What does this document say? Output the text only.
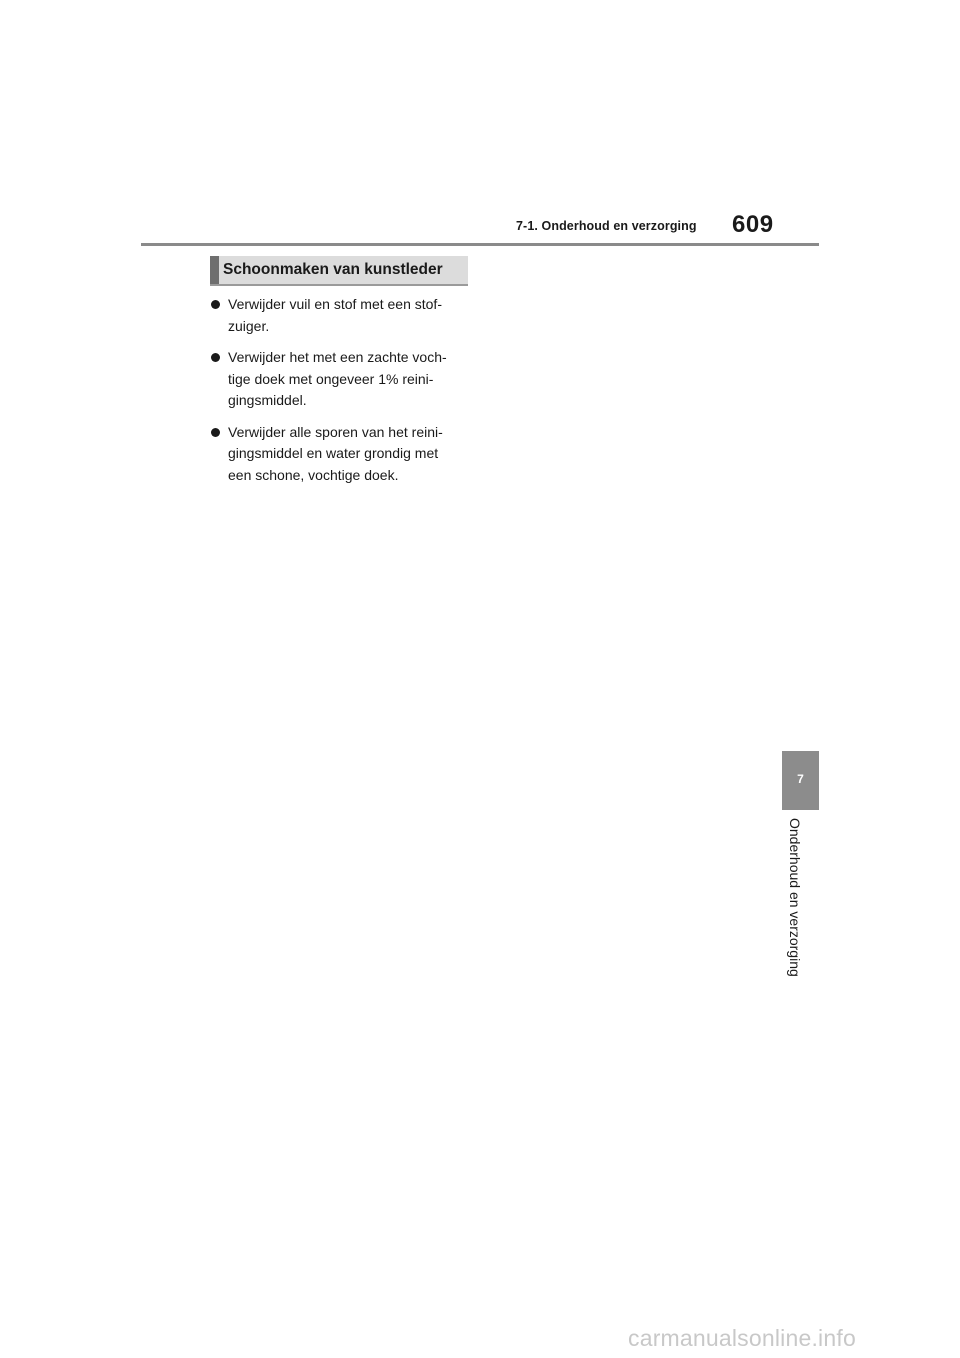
7-1. Onderhoud en verzorging 609
Schoonmaken van kunstleder
Verwijder vuil en stof met een stof-
zuiger.
Verwijder het met een zachte voch-
tige doek met ongeveer 1% reini-
gingsmiddel.
Verwijder alle sporen van het reini-
gingsmiddel en water grondig met
een schone, vochtige doek.
7
Onderhoud en verzorging
carmanualsonline.info
